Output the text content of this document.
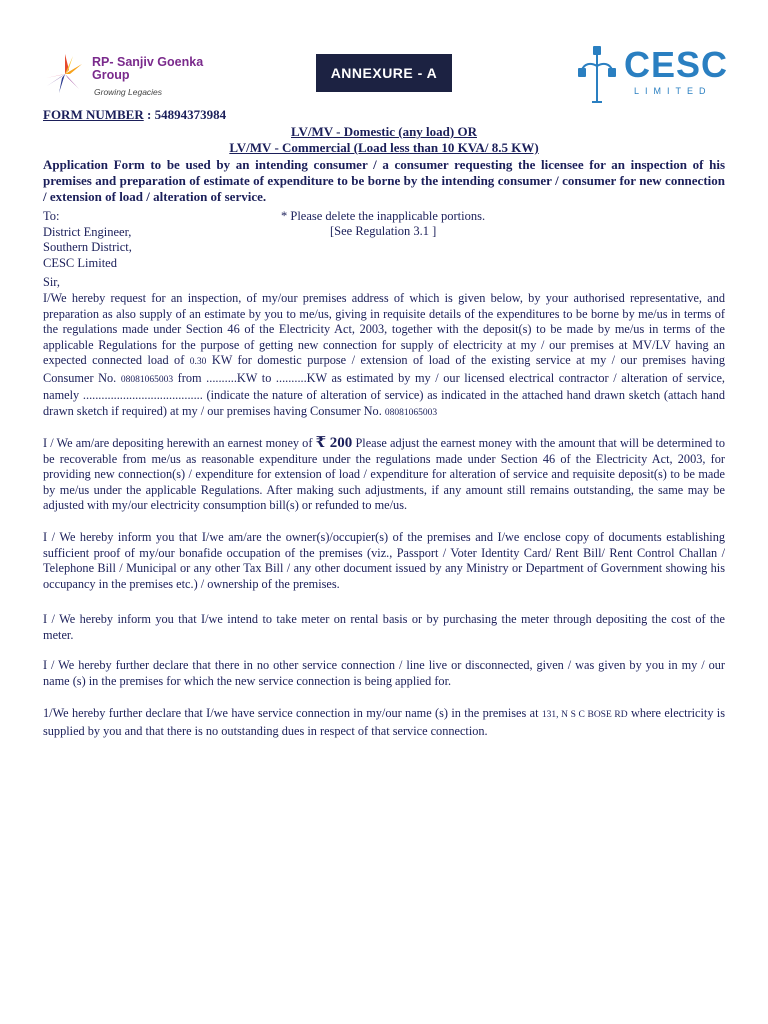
RP- Sanjiv Goenka
Group
Growing Legacies
ANNEXURE - A	CESC
LIMITED
FORM NUMBER : 54894373984
LV/MV - Domestic (any load) OR
LV/MV - Commercial (Load less than 10 KVA/ 8.5 KW)
Application Form to be used by an intending consumer / a consumer requesting the licensee for an inspection of his premises and preparation of estimate of expenditure to be borne by the intending consumer / consumer for new connection / extension of load / alteration of service.
To:
District Engineer,
Southern District,
CESC Limited
* Please delete the inapplicable portions.
[See Regulation 3.1 ]
Sir,
I/We hereby request for an inspection, of my/our premises address of which is given below, by your authorised representative, and preparation as also supply of an estimate by you to me/us, giving in requisite details of the expenditures to be borne by me/us in terms of the regulations made under Section 46 of the Electricity Act, 2003, together with the deposit(s) to be made by me/us in terms of the applicable Regulations for the purpose of getting new connection for supply of electricity at my / our premises at MV/LV having an expected connected load of 0.30 KW for domestic purpose / extension of load of the existing service at my / our premises having Consumer No. 08081065003 from ..........KW to ..........KW as estimated by my / our licensed electrical contractor / alteration of service, namely ....................................... (indicate the nature of alteration of service) as indicated in the attached hand drawn sketch (attach hand drawn sketch if required) at my / our premises having Consumer No. 08081065003
I / We am/are depositing herewith an earnest money of ₹ 200 Please adjust the earnest money with the amount that will be determined to be recoverable from me/us as reasonable expenditure under the regulations made under Section 46 of the Electricity Act, 2003, for providing new connection(s) / expenditure for extension of load / expenditure for alteration of service and requisite deposit(s) to be made by me/us under the applicable Regulations. After making such adjustments, if any amount still remains outstanding, the same may be adjusted with my/our electricity consumption bill(s) or refunded to me/us.
I / We hereby inform you that I/we am/are the owner(s)/occupier(s) of the premises and I/we enclose copy of documents establishing sufficient proof of my/our bonafide occupation of the premises (viz., Passport / Voter Identity Card/ Rent Bill/ Rent Control Challan / Telephone Bill / Municipal or any other Tax Bill / any other document issued by any Ministry or Department of Government showing his occupancy in the premises etc.) / ownership of the premises.
I / We hereby inform you that I/we intend to take meter on rental basis or by purchasing the meter through depositing the cost of the meter.
I / We hereby further declare that there in no other service connection / line live or disconnected, given / was given by you in my / our name (s) in the premises for which the new service connection is being applied for.
1/We hereby further declare that I/we have service connection in my/our name (s) in the premises at 131, N S C BOSE RD where electricity is supplied by you and that there is no outstanding dues in respect of that service connection.
